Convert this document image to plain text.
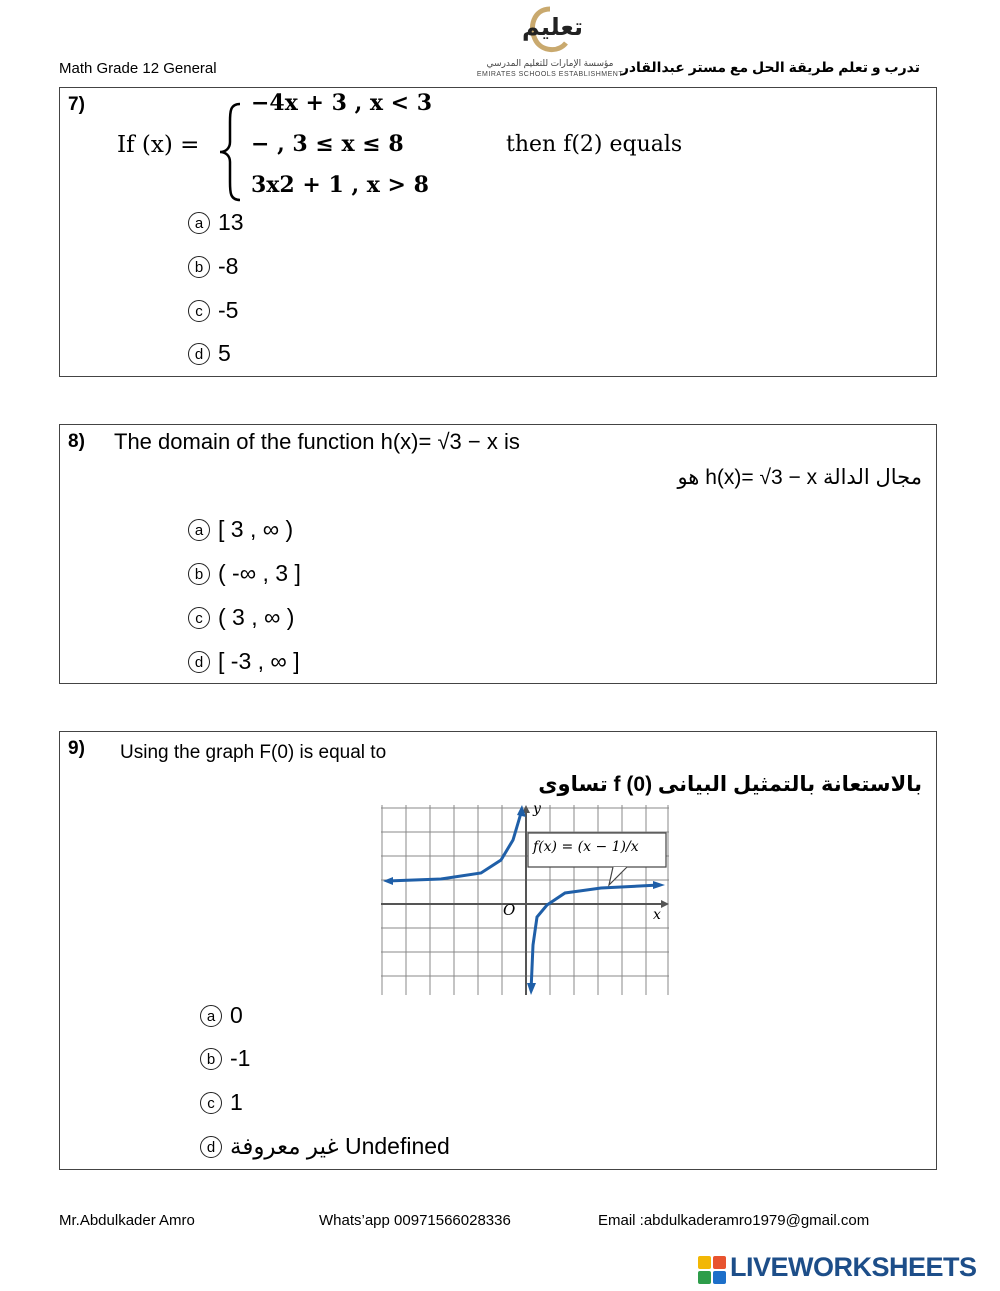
Math Grade 12 General
تعليم
مؤسسة الإمارات للتعليم المدرسي
EMIRATES SCHOOLS ESTABLISHMENT
تدرب و تعلم طريقة الحل مع مستر عبدالقادر
7)
If (x) =
−4x + 3 , x < 3
− , 3 ≤ x ≤ 8
3x2 + 1 , x > 8
then f(2) equals
a 13
b -8
c -5
d 5
8) The domain of the function h(x)= √3 − x is
مجال الدالة h(x)= √3 − x هو
a [ 3 , ∞ )
b ( -∞ , 3 ]
c ( 3 , ∞ )
d [ -3 , ∞ ]
9) Using the graph F(0) is equal to
بالاستعانة بالتمثيل البيانى (0) f تساوى
f(x) = (x − 1)/x
x
y
O
a 0
b -1
c 1
d غير معروفة Undefined
Mr.Abdulkader Amro	Whats’app 00971566028336	Email :abdulkaderamro1979@gmail.com
LIVEWORKSHEETS
